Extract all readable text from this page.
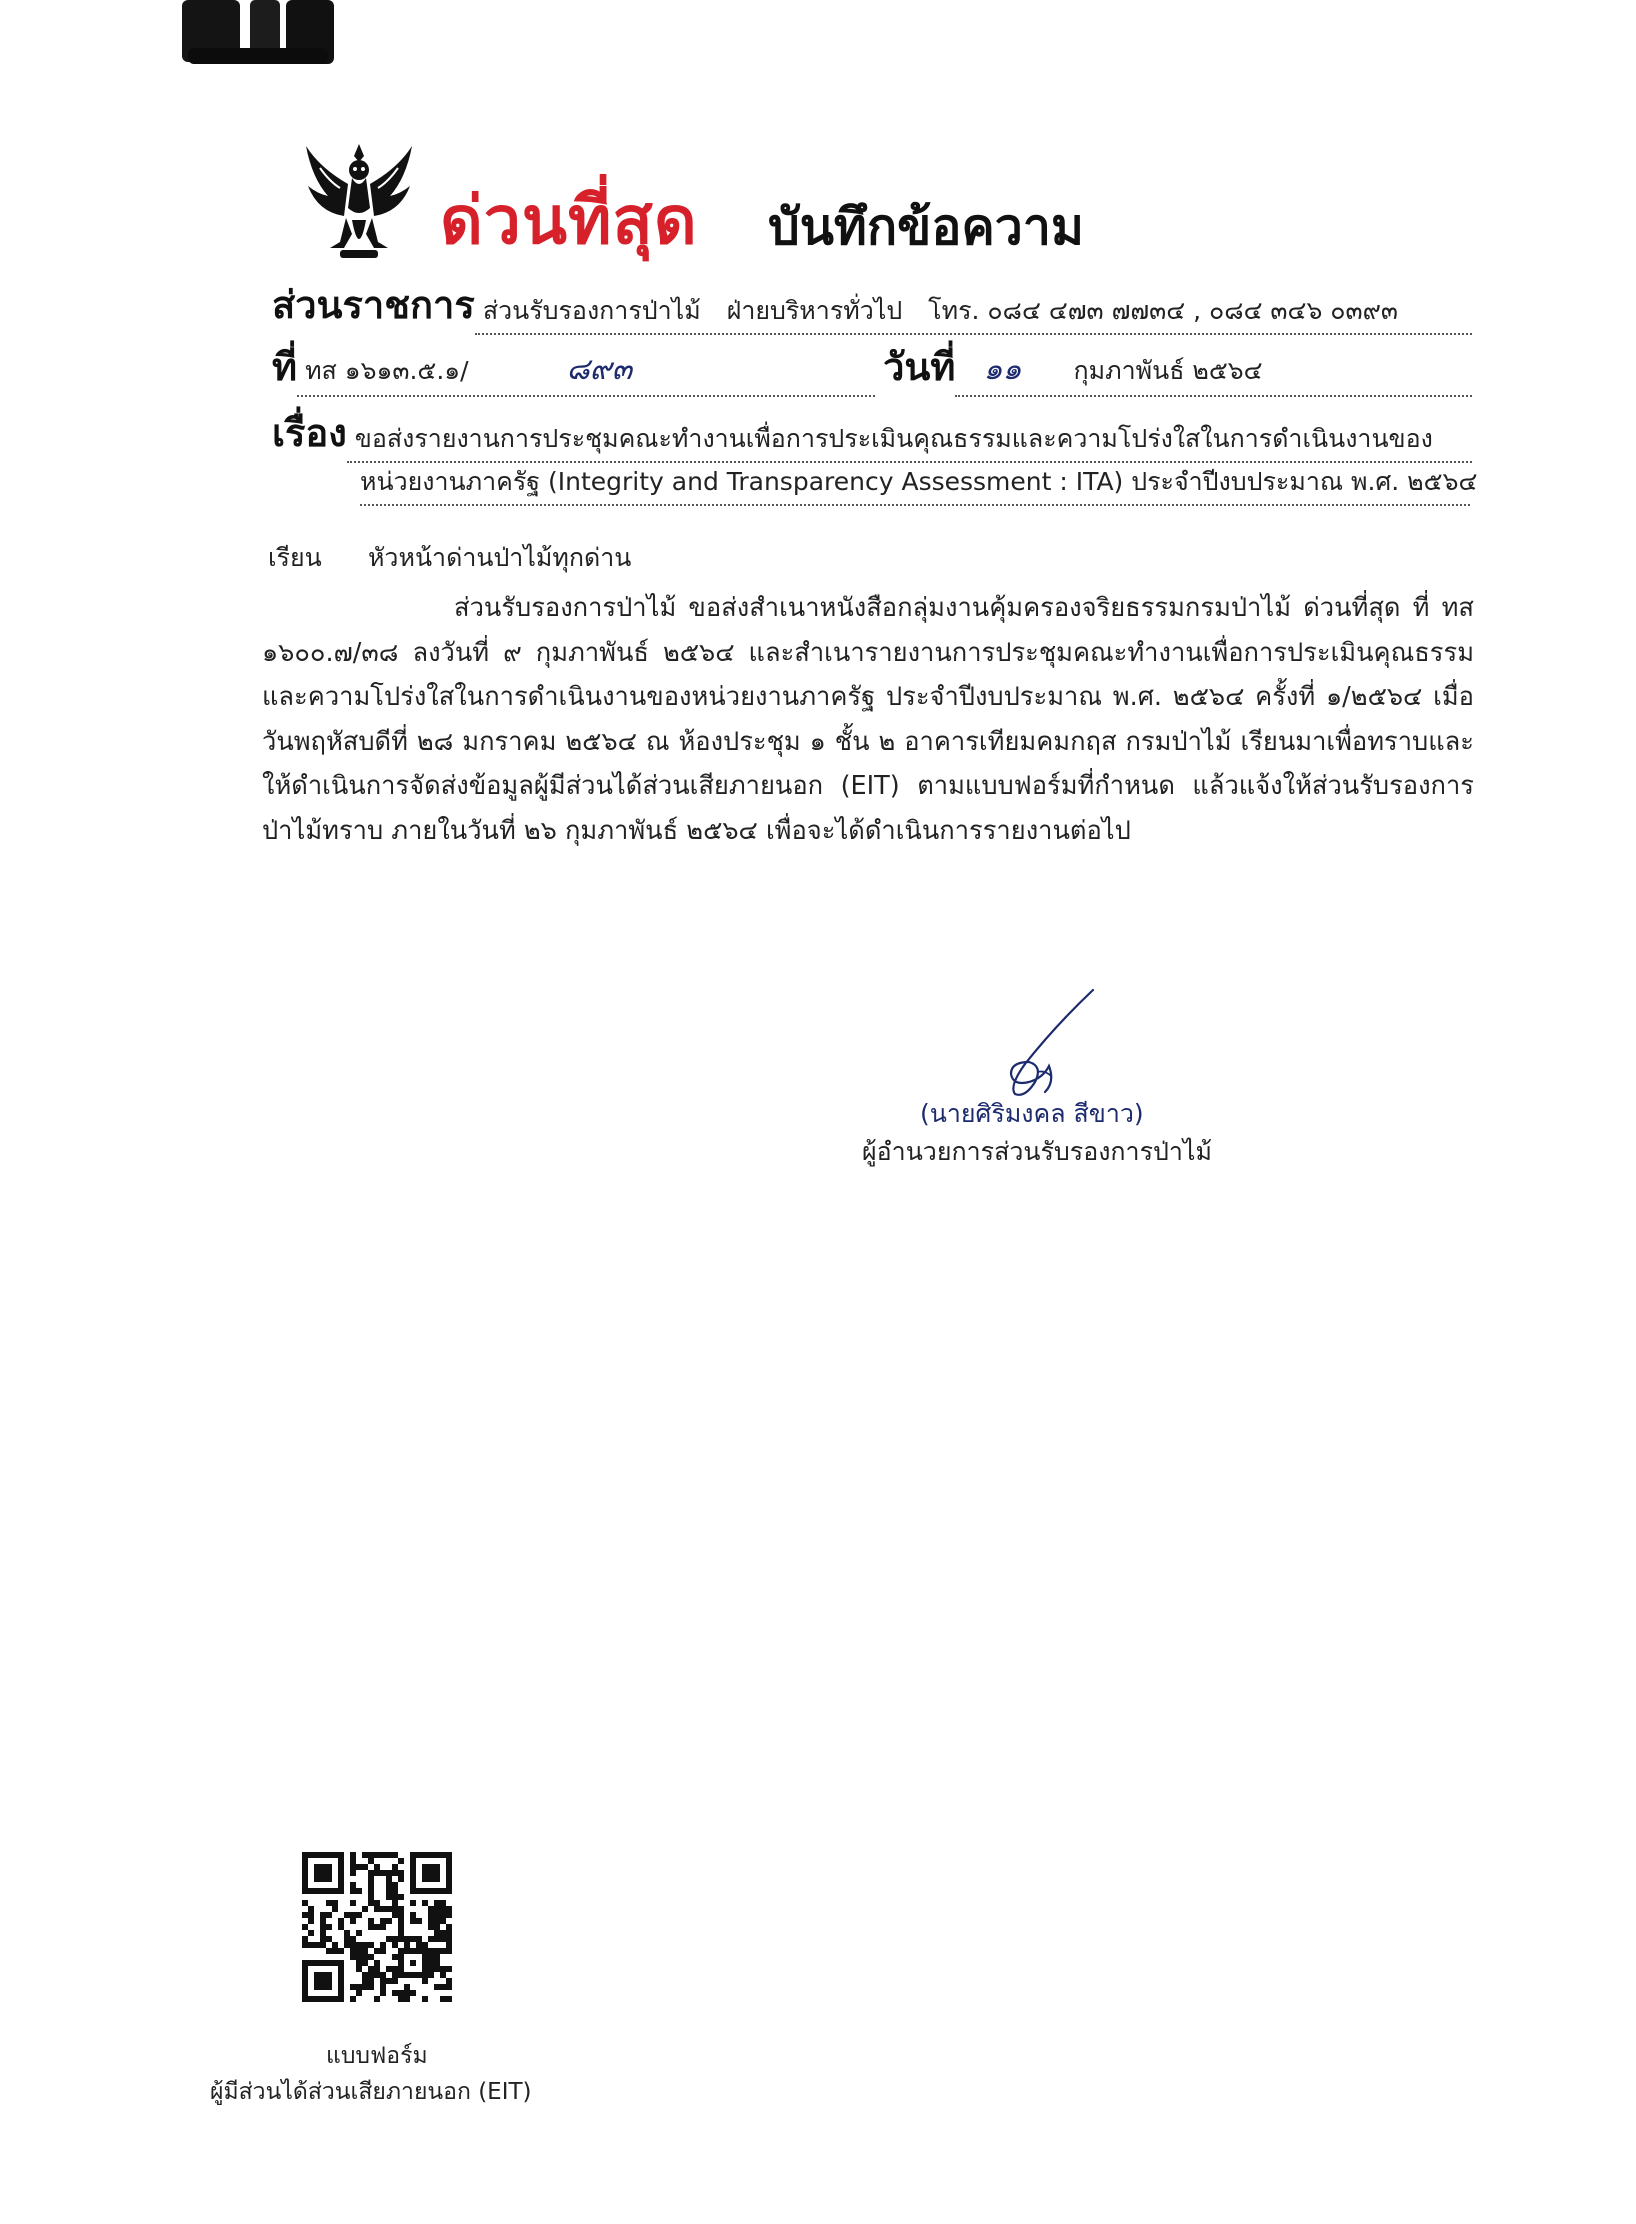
ด่วนที่สุด บันทึกข้อความ
ส่วนราชการ ส่วนรับรองการป่าไม้ ฝ่ายบริหารทั่วไป โทร. ๐๘๔ ๔๗๓ ๗๗๓๔ , ๐๘๔ ๓๔๖ ๐๓๙๓
ที่ ทส ๑๖๑๓.๕.๑/	๘๙๓	วันที่ ๑๑ กุมภาพันธ์ ๒๕๖๔
เรื่อง ขอส่งรายงานการประชุมคณะทำงานเพื่อการประเมินคุณธรรมและความโปร่งใสในการดำเนินงานของ
หน่วยงานภาครัฐ (Integrity and Transparency Assessment : ITA) ประจำปีงบประมาณ พ.ศ. ๒๕๖๔
เรียน หัวหน้าด่านป่าไม้ทุกด่าน
ส่วนรับรองการป่าไม้ ขอส่งสำเนาหนังสือกลุ่มงานคุ้มครองจริยธรรมกรมป่าไม้ ด่วนที่สุด ที่ ทส ๑๖๐๐.๗/๓๘ ลงวันที่ ๙ กุมภาพันธ์ ๒๕๖๔ และสำเนารายงานการประชุมคณะทำงานเพื่อการประเมินคุณธรรมและความโปร่งใสในการดำเนินงานของหน่วยงานภาครัฐ ประจำปีงบประมาณ พ.ศ. ๒๕๖๔ ครั้งที่ ๑/๒๕๖๔ เมื่อวันพฤหัสบดีที่ ๒๘ มกราคม ๒๕๖๔ ณ ห้องประชุม ๑ ชั้น ๒ อาคารเทียมคมกฤส กรมป่าไม้ เรียนมาเพื่อทราบและให้ดำเนินการจัดส่งข้อมูลผู้มีส่วนได้ส่วนเสียภายนอก (EIT) ตามแบบฟอร์มที่กำหนด แล้วแจ้งให้ส่วนรับรองการป่าไม้ทราบ ภายในวันที่ ๒๖ กุมภาพันธ์ ๒๕๖๔ เพื่อจะได้ดำเนินการรายงานต่อไป
(นายศิริมงคล สีขาว)
ผู้อำนวยการส่วนรับรองการป่าไม้
แบบฟอร์ม
ผู้มีส่วนได้ส่วนเสียภายนอก (EIT)
